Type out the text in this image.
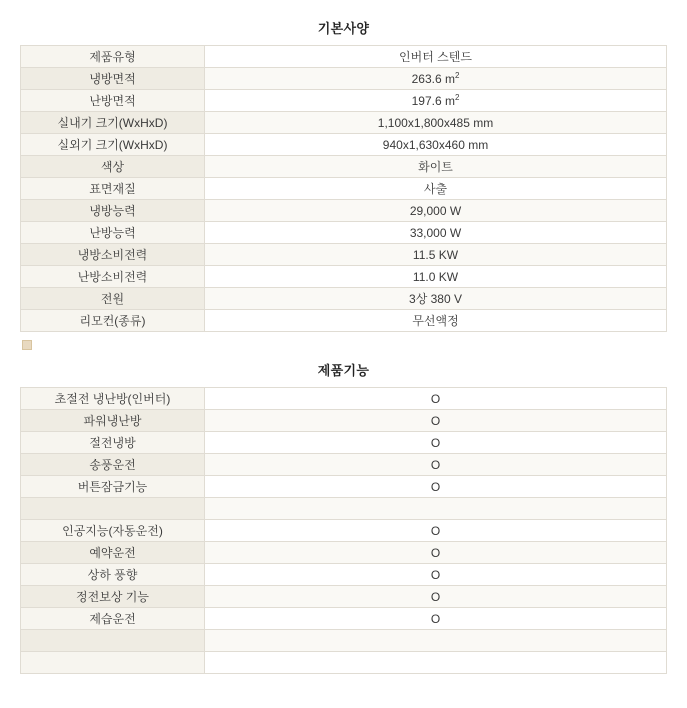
기본사양
제품유형	인버터 스텐드
냉방면적	263.6 $m^2$
난방면적	197.6 $m^2$
실내기 크기(WxHxD)	1,100x1,800x485 mm
실외기 크기(WxHxD)	940x1,630x460 mm
색상	화이트
표면재질	사출
냉방능력	29,000 W
난방능력	33,000 W
냉방소비전력	11.5 KW
난방소비전력	11.0 KW
전원	3상 380 V
리모컨(종류)	무선액정
제품기능
초절전 냉난방(인버터)	O
파워냉난방	O
절전냉방	O
송풍운전	O
버튼잠금기능	O

인공지능(자동운전)	O
예약운전	O
상하 풍향	O
정전보상 기능	O
제습운전	O
